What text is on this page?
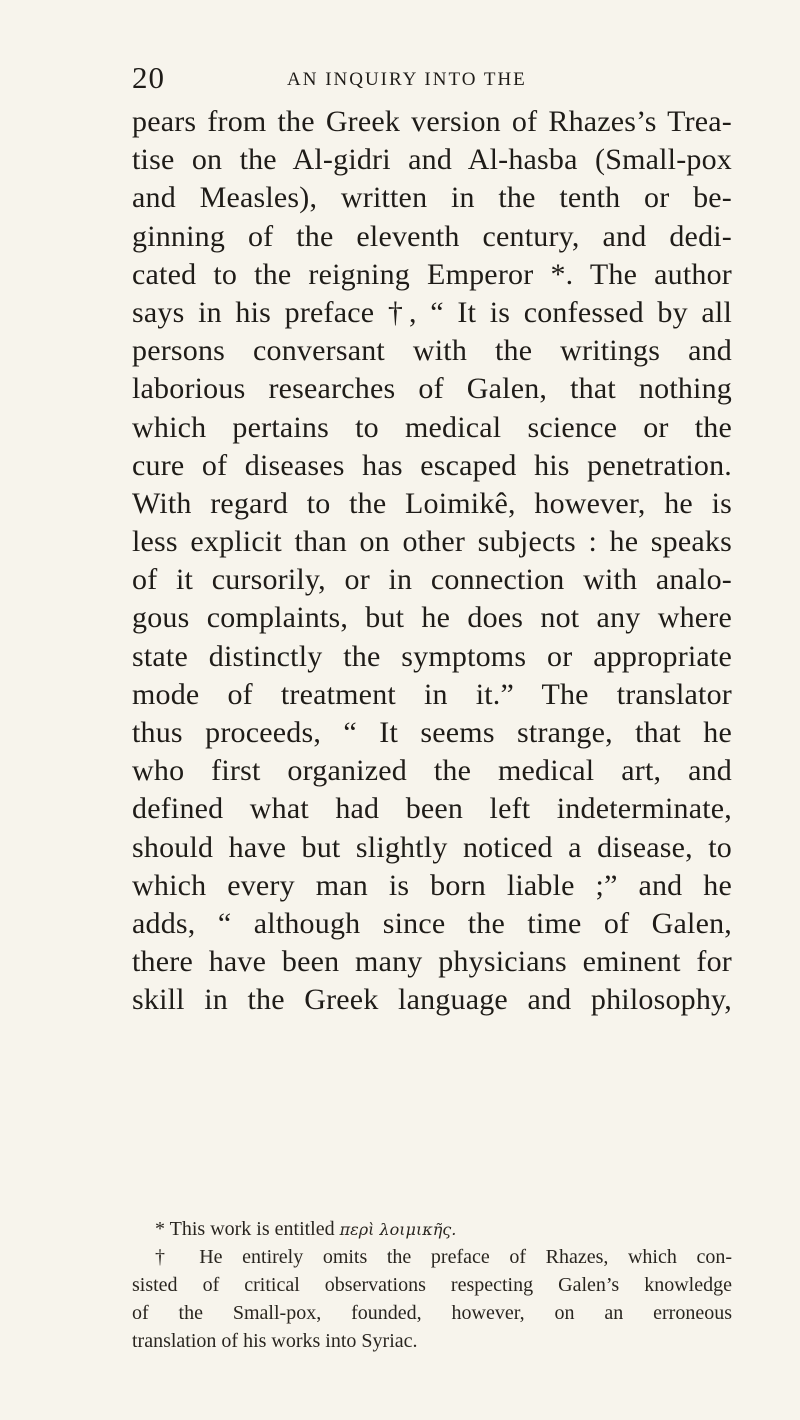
20	AN INQUIRY INTO THE
pears from the Greek version of Rhazes’s Trea-
tise on the Al-gidri and Al-hasba (Small-pox
and Measles), written in the tenth or be-
ginning of the eleventh century, and dedi-
cated to the reigning Emperor *. The author
says in his preface †, “ It is confessed by all
persons conversant with the writings and
laborious researches of Galen, that nothing
which pertains to medical science or the
cure of diseases has escaped his penetration.
With regard to the Loimikê, however, he is
less explicit than on other subjects : he speaks
of it cursorily, or in connection with analo-
gous complaints, but he does not any where
state distinctly the symptoms or appropriate
mode of treatment in it.” The translator
thus proceeds, “ It seems strange, that he
who first organized the medical art, and
defined what had been left indeterminate,
should have but slightly noticed a disease, to
which every man is born liable ;” and he
adds, “ although since the time of Galen,
there have been many physicians eminent for
skill in the Greek language and philosophy,
* This work is entitled περὶ λοιμικῆς.
† He entirely omits the preface of Rhazes, which con-
sisted of critical observations respecting Galen’s knowledge
of the Small-pox, founded, however, on an erroneous
translation of his works into Syriac.
